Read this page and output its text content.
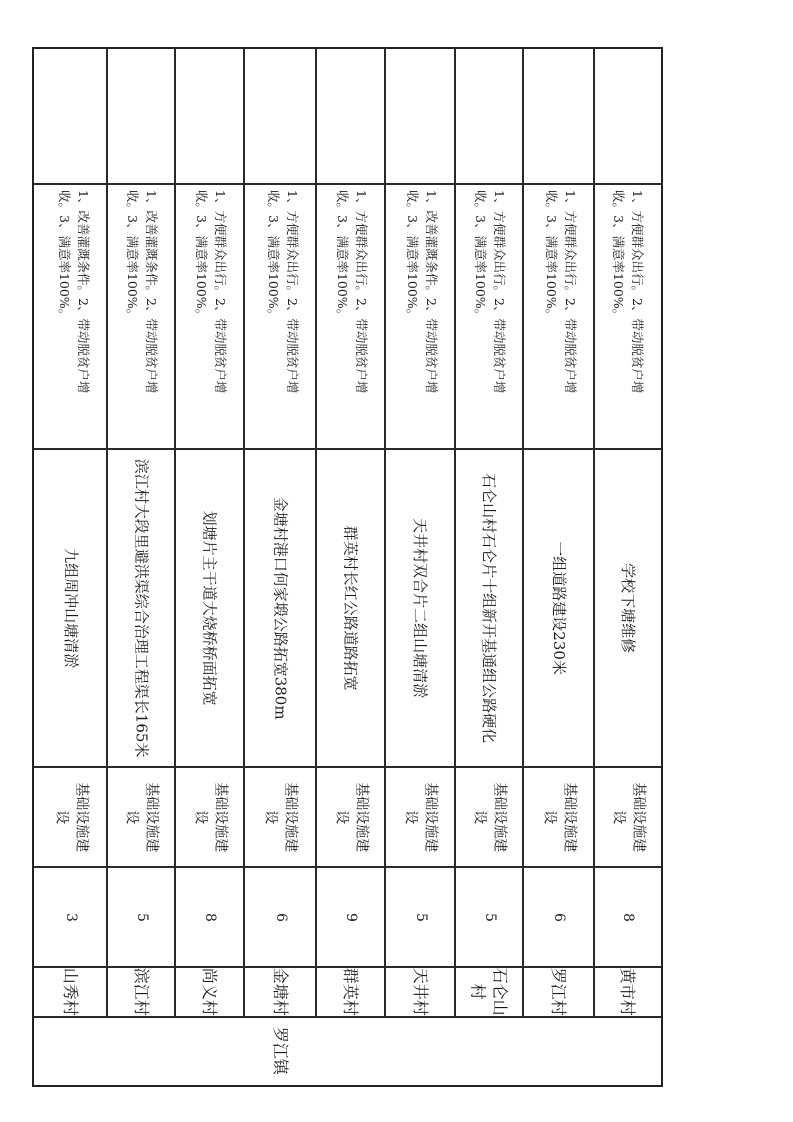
山秀村
3
基础设施建
设
九组周冲山塘清淤
1、改善灌溉条件。2、带动脱贫户增
收。3、满意率100%。
滨江村
5
基础设施建
设
滨江村大段里避洪渠综合治理工程渠长165米
1、改善灌溉条件。2、带动脱贫户增
收。3、满意率100%。
尚义村
8
基础设施建
设
划塘片主干道大烧桥桥面拓宽
1、方便群众出行。2、带动脱贫户增
收。3、满意率100%。
金塘村
6
基础设施建
设
金塘村港口何家塅公路拓宽380m
1、方便群众出行。2、带动脱贫户增
收。3、满意率100%。
群英村
9
基础设施建
设
群英村长红公路道路拓宽
1、方便群众出行。2、带动脱贫户增
收。3、满意率100%。
天井村
5
基础设施建
设
天井村双合片二组山塘清淤
1、改善灌溉条件。2、带动脱贫户增
收。3、满意率100%。
石仑山
村
5
基础设施建
设
石仑山村石仑片十组新开基通组公路硬化
1、方便群众出行。2、带动脱贫户增
收。3、满意率100%。
罗江村
6
基础设施建
设
一组道路建设230米
1、方便群众出行。2、带动脱贫户增
收。3、满意率100%。
黄市村
8
基础设施建
设
学校下塘维修
1、方便群众出行。2、带动脱贫户增
收。3、满意率100%。
罗江镇
